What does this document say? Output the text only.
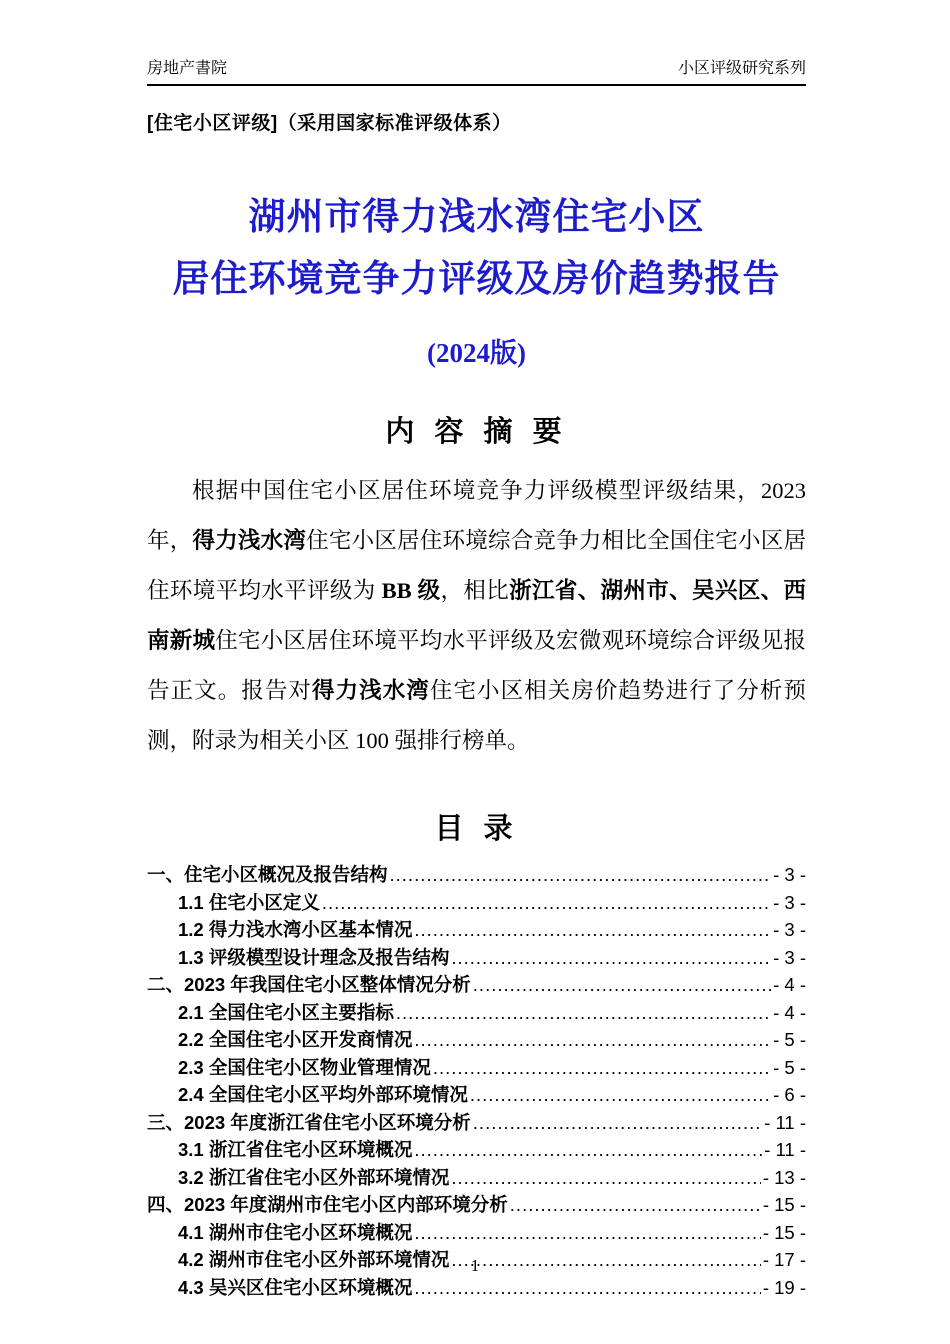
房地产書院	小区评级研究系列
[住宅小区评级]（采用国家标准评级体系）
湖州市得力浅水湾住宅小区
居住环境竞争力评级及房价趋势报告
(2024版)
内 容 摘 要
根据中国住宅小区居住环境竞争力评级模型评级结果，2023 年，得力浅水湾住宅小区居住环境综合竞争力相比全国住宅小区居住环境平均水平评级为 BB 级，相比浙江省、湖州市、吴兴区、西南新城住宅小区居住环境平均水平评级及宏微观环境综合评级见报告正文。报告对得力浅水湾住宅小区相关房价趋势进行了分析预测，附录为相关小区 100 强排行榜单。
目 录
一、住宅小区概况及报告结构 .....	- 3 -
1.1 住宅小区定义 .....	- 3 -
1.2 得力浅水湾小区基本情况 .....	- 3 -
1.3 评级模型设计理念及报告结构 .....	- 3 -
二、2023 年我国住宅小区整体情况分析 .....	- 4 -
2.1 全国住宅小区主要指标 .....	- 4 -
2.2 全国住宅小区开发商情况 .....	- 5 -
2.3 全国住宅小区物业管理情况 .....	- 5 -
2.4 全国住宅小区平均外部环境情况 .....	- 6 -
三、2023 年度浙江省住宅小区环境分析 .....	- 11 -
3.1 浙江省住宅小区环境概况 .....	- 11 -
3.2 浙江省住宅小区外部环境情况 .....	- 13 -
四、2023 年度湖州市住宅小区内部环境分析 .....	- 15 -
4.1 湖州市住宅小区环境概况 .....	- 15 -
4.2 湖州市住宅小区外部环境情况 .....	- 17 -
4.3 吴兴区住宅小区环境概况 .....	- 19 -
1
